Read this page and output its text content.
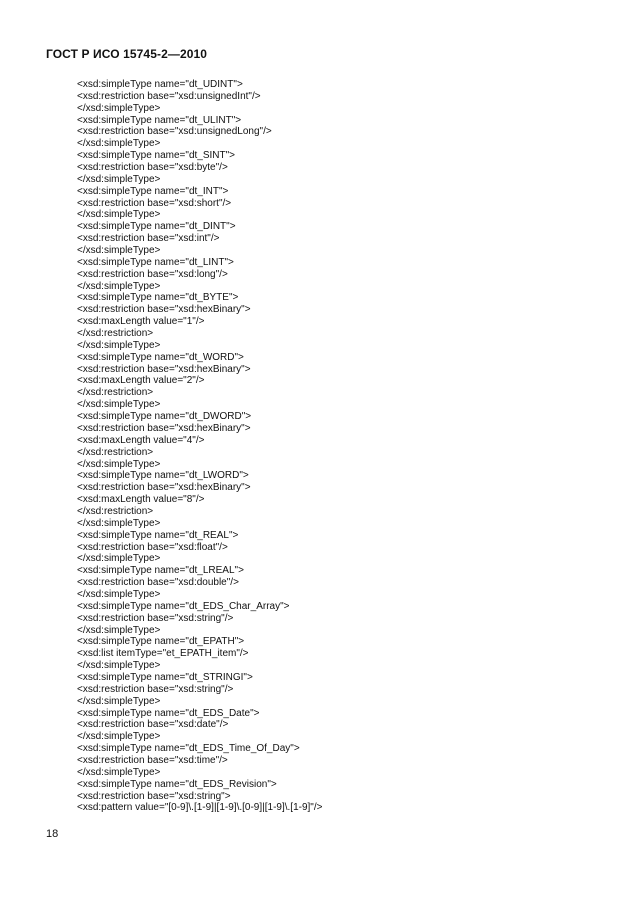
ГОСТ Р ИСО 15745-2—2010
<xsd:simpleType name="dt_UDINT">
<xsd:restriction base="xsd:unsignedInt"/>
</xsd:simpleType>
<xsd:simpleType name="dt_ULINT">
<xsd:restriction base="xsd:unsignedLong"/>
</xsd:simpleType>
<xsd:simpleType name="dt_SINT">
<xsd:restriction base="xsd:byte"/>
</xsd:simpleType>
<xsd:simpleType name="dt_INT">
<xsd:restriction base="xsd:short"/>
</xsd:simpleType>
<xsd:simpleType name="dt_DINT">
<xsd:restriction base="xsd:int"/>
</xsd:simpleType>
<xsd:simpleType name="dt_LINT">
<xsd:restriction base="xsd:long"/>
</xsd:simpleType>
<xsd:simpleType name="dt_BYTE">
<xsd:restriction base="xsd:hexBinary">
<xsd:maxLength value="1"/>
</xsd:restriction>
</xsd:simpleType>
<xsd:simpleType name="dt_WORD">
<xsd:restriction base="xsd:hexBinary">
<xsd:maxLength value="2"/>
</xsd:restriction>
</xsd:simpleType>
<xsd:simpleType name="dt_DWORD">
<xsd:restriction base="xsd:hexBinary">
<xsd:maxLength value="4"/>
</xsd:restriction>
</xsd:simpleType>
<xsd:simpleType name="dt_LWORD">
<xsd:restriction base="xsd:hexBinary">
<xsd:maxLength value="8"/>
</xsd:restriction>
</xsd:simpleType>
<xsd:simpleType name="dt_REAL">
<xsd:restriction base="xsd:float"/>
</xsd:simpleType>
<xsd:simpleType name="dt_LREAL">
<xsd:restriction base="xsd:double"/>
</xsd:simpleType>
<xsd:simpleType name="dt_EDS_Char_Array">
<xsd:restriction base="xsd:string"/>
</xsd:simpleType>
<xsd:simpleType name="dt_EPATH">
<xsd:list itemType="et_EPATH_item"/>
</xsd:simpleType>
<xsd:simpleType name="dt_STRINGI">
<xsd:restriction base="xsd:string"/>
</xsd:simpleType>
<xsd:simpleType name="dt_EDS_Date">
<xsd:restriction base="xsd:date"/>
</xsd:simpleType>
<xsd:simpleType name="dt_EDS_Time_Of_Day">
<xsd:restriction base="xsd:time"/>
</xsd:simpleType>
<xsd:simpleType name="dt_EDS_Revision">
<xsd:restriction base="xsd:string">
<xsd:pattern value="[0-9]\.[1-9]|[1-9]\.[0-9]|[1-9]\.[1-9]"/>
18
